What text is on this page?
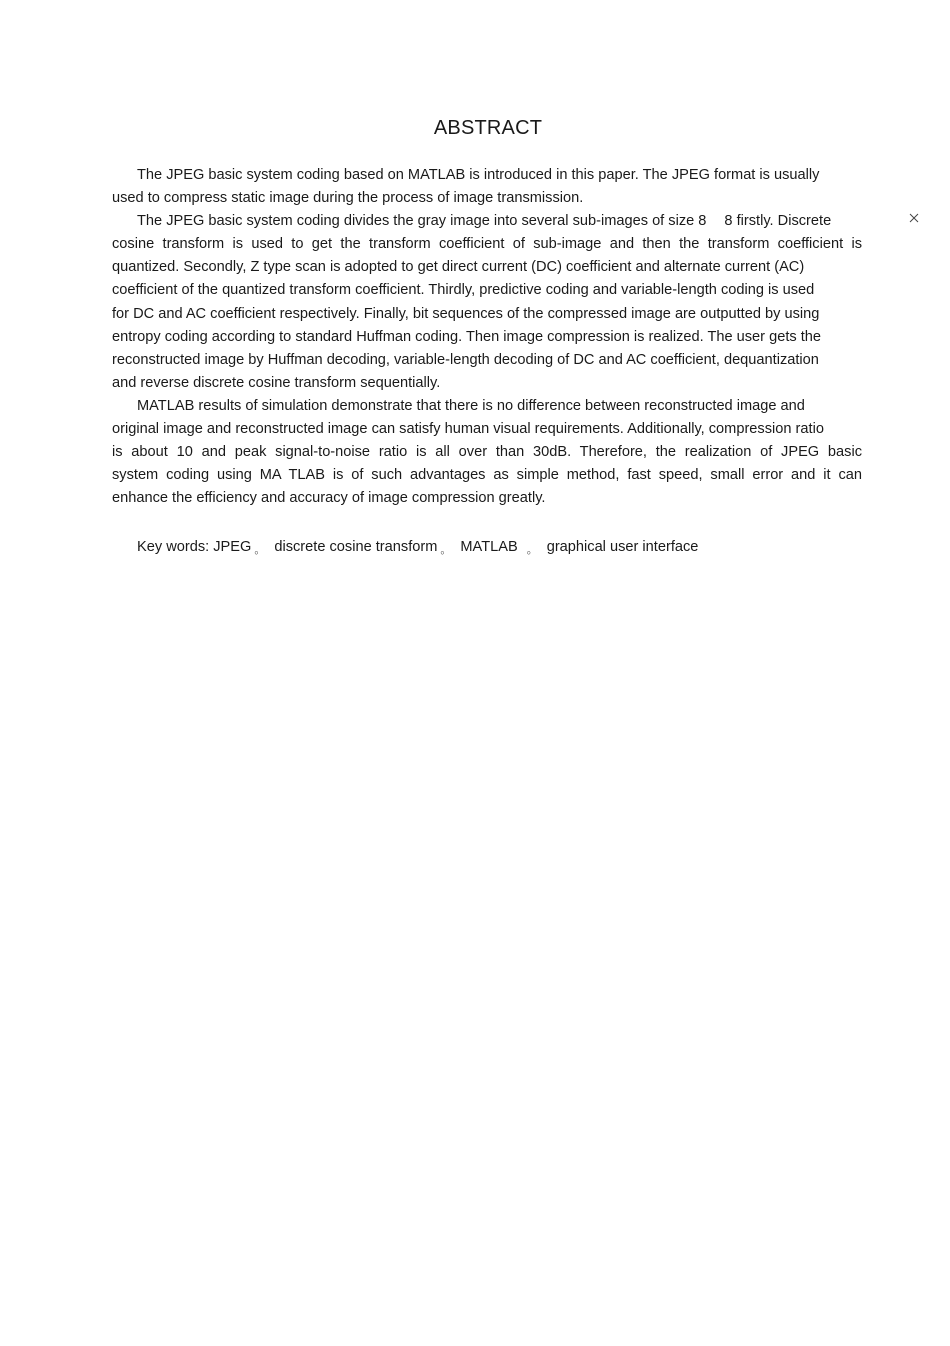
ABSTRACT
The JPEG basic system coding based on MATLAB is introduced in this paper. The JPEG format is usually
used to compress static image during the process of image transmission.
The JPEG basic system coding divides the gray image into several sub-images of size 8 8 firstly. Discrete
cosine transform is used to get the transform coefficient of sub-image and then the transform coefficient is
quantized. Secondly, Z type scan is adopted to get direct current (DC) coefficient and alternate current (AC)
coefficient of the quantized transform coefficient. Thirdly, predictive coding and variable-length coding is used
for DC and AC coefficient respectively. Finally, bit sequences of the compressed image are outputted by using
entropy coding according to standard Huffman coding. Then image compression is realized. The user gets the
reconstructed image by Huffman decoding, variable-length decoding of DC and AC coefficient, dequantization
and reverse discrete cosine transform sequentially.
MATLAB results of simulation demonstrate that there is no difference between reconstructed image and
original image and reconstructed image can satisfy human visual requirements. Additionally, compression ratio
is about 10 and peak signal-to-noise ratio is all over than 30dB. Therefore, the realization of JPEG basic
system coding using MA TLAB is of such advantages as simple method, fast speed, small error and it can
enhance the efficiency and accuracy of image compression greatly.
Key words: JPEG 。 discrete cosine transform 。 MATLAB 。 graphical user interface
